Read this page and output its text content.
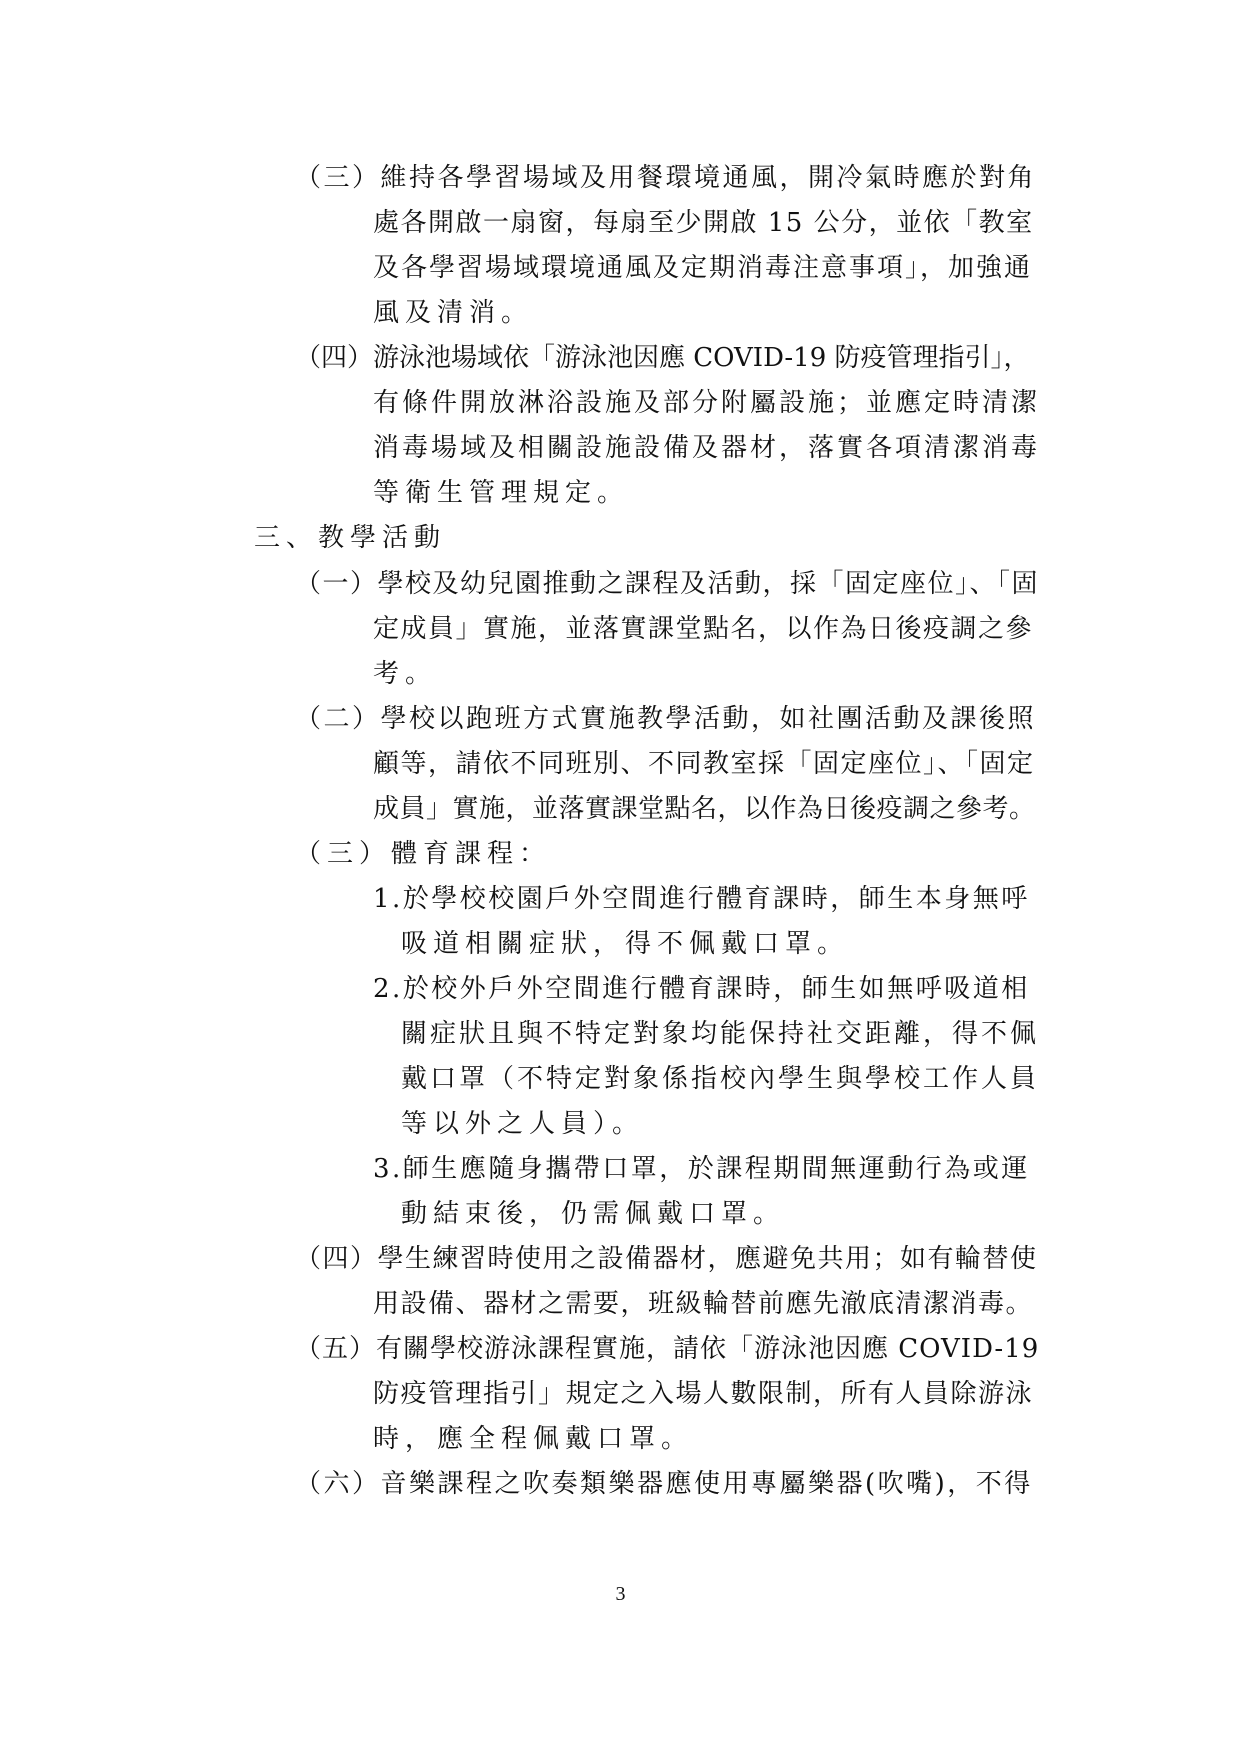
（三）維持各學習場域及用餐環境通風，開冷氣時應於對角
處各開啟一扇窗，每扇至少開啟 15 公分，並依「教室
及各學習場域環境通風及定期消毒注意事項」，加強通
風及清消。
（四）游泳池場域依「游泳池因應 COVID-19 防疫管理指引」，
有條件開放淋浴設施及部分附屬設施；並應定時清潔
消毒場域及相關設施設備及器材，落實各項清潔消毒
等衛生管理規定。
三、教學活動
（一）學校及幼兒園推動之課程及活動，採「固定座位」、「固
定成員」實施，並落實課堂點名，以作為日後疫調之參
考。
（二）學校以跑班方式實施教學活動，如社團活動及課後照
顧等，請依不同班別、不同教室採「固定座位」、「固定
成員」實施，並落實課堂點名，以作為日後疫調之參考。
（三）體育課程：
1.於學校校園戶外空間進行體育課時，師生本身無呼
吸道相關症狀，得不佩戴口罩。
2.於校外戶外空間進行體育課時，師生如無呼吸道相
關症狀且與不特定對象均能保持社交距離，得不佩
戴口罩（不特定對象係指校內學生與學校工作人員
等以外之人員）。
3.師生應隨身攜帶口罩，於課程期間無運動行為或運
動結束後，仍需佩戴口罩。
（四）學生練習時使用之設備器材，應避免共用；如有輪替使
用設備、器材之需要，班級輪替前應先澈底清潔消毒。
（五）有關學校游泳課程實施，請依「游泳池因應 COVID-19
防疫管理指引」規定之入場人數限制，所有人員除游泳
時，應全程佩戴口罩。
（六）音樂課程之吹奏類樂器應使用專屬樂器(吹嘴)，不得
3
